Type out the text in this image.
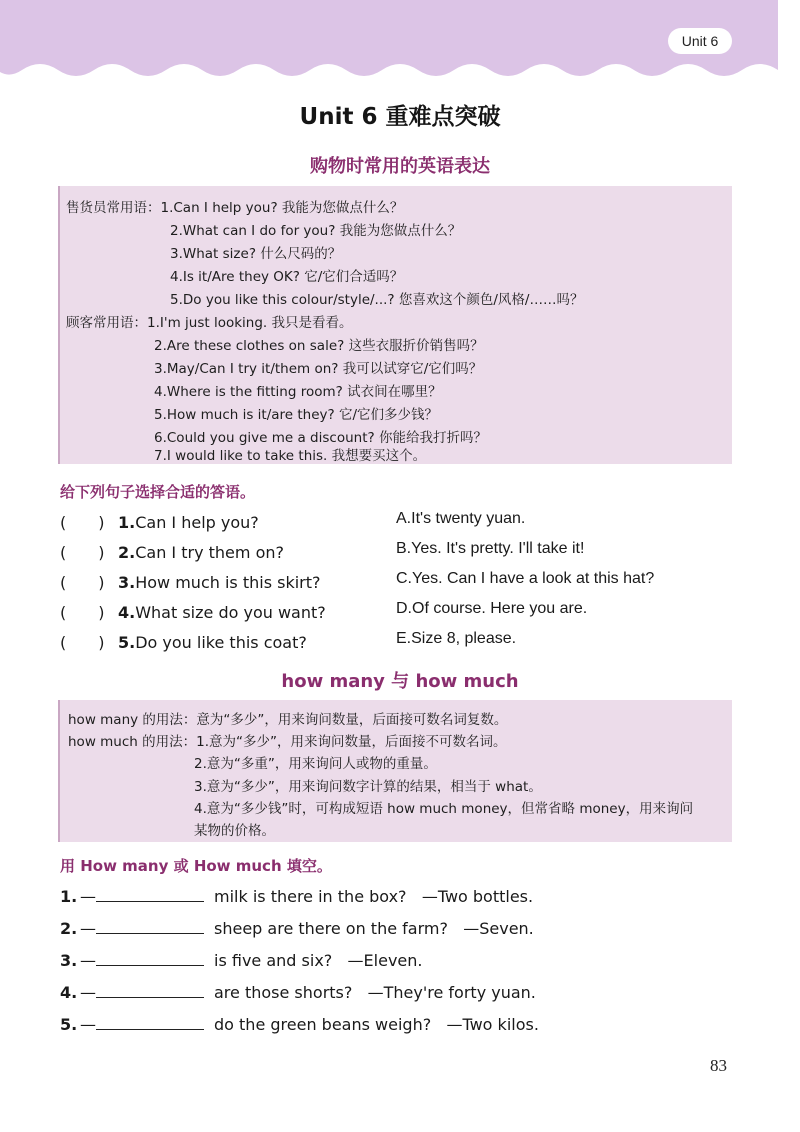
Unit 6
Unit 6 重难点突破
购物时常用的英语表达
售货员常用语：1.Can I help you? 我能为您做点什么？
2.What can I do for you? 我能为您做点什么？
3.What size? 什么尺码的？
4.Is it/Are they OK? 它/它们合适吗？
5.Do you like this colour/style/...? 您喜欢这个颜色/风格/……吗？
顾客常用语：1.I'm just looking. 我只是看看。
2.Are these clothes on sale? 这些衣服折价销售吗？
3.May/Can I try it/them on? 我可以试穿它/它们吗？
4.Where is the fitting room? 试衣间在哪里？
5.How much is it/are they? 它/它们多少钱？
6.Could you give me a discount? 你能给我打折吗？
7.I would like to take this. 我想要买这个。
给下列句子选择合适的答语。
(　　) 1.Can I help you?
(　　) 2.Can I try them on?
(　　) 3.How much is this skirt?
(　　) 4.What size do you want?
(　　) 5.Do you like this coat?
A.It's twenty yuan.
B.Yes. It's pretty. I'll take it!
C.Yes. Can I have a look at this hat?
D.Of course. Here you are.
E.Size 8, please.
how many 与 how much
how many 的用法：意为“多少”，用来询问数量，后面接可数名词复数。
how much 的用法：1.意为“多少”，用来询问数量，后面接不可数名词。
2.意为“多重”，用来询问人或物的重量。
3.意为“多少”，用来询问数字计算的结果，相当于 what。
4.意为“多少钱”时，可构成短语 how much money，但常省略 money，用来询问
某物的价格。
用 How many 或 How much 填空。
1. —	milk is there in the box? —Two bottles.
2. —	sheep are there on the farm? —Seven.
3. —	is five and six? —Eleven.
4. —	are those shorts? —They're forty yuan.
5. —	do the green beans weigh? —Two kilos.
83
